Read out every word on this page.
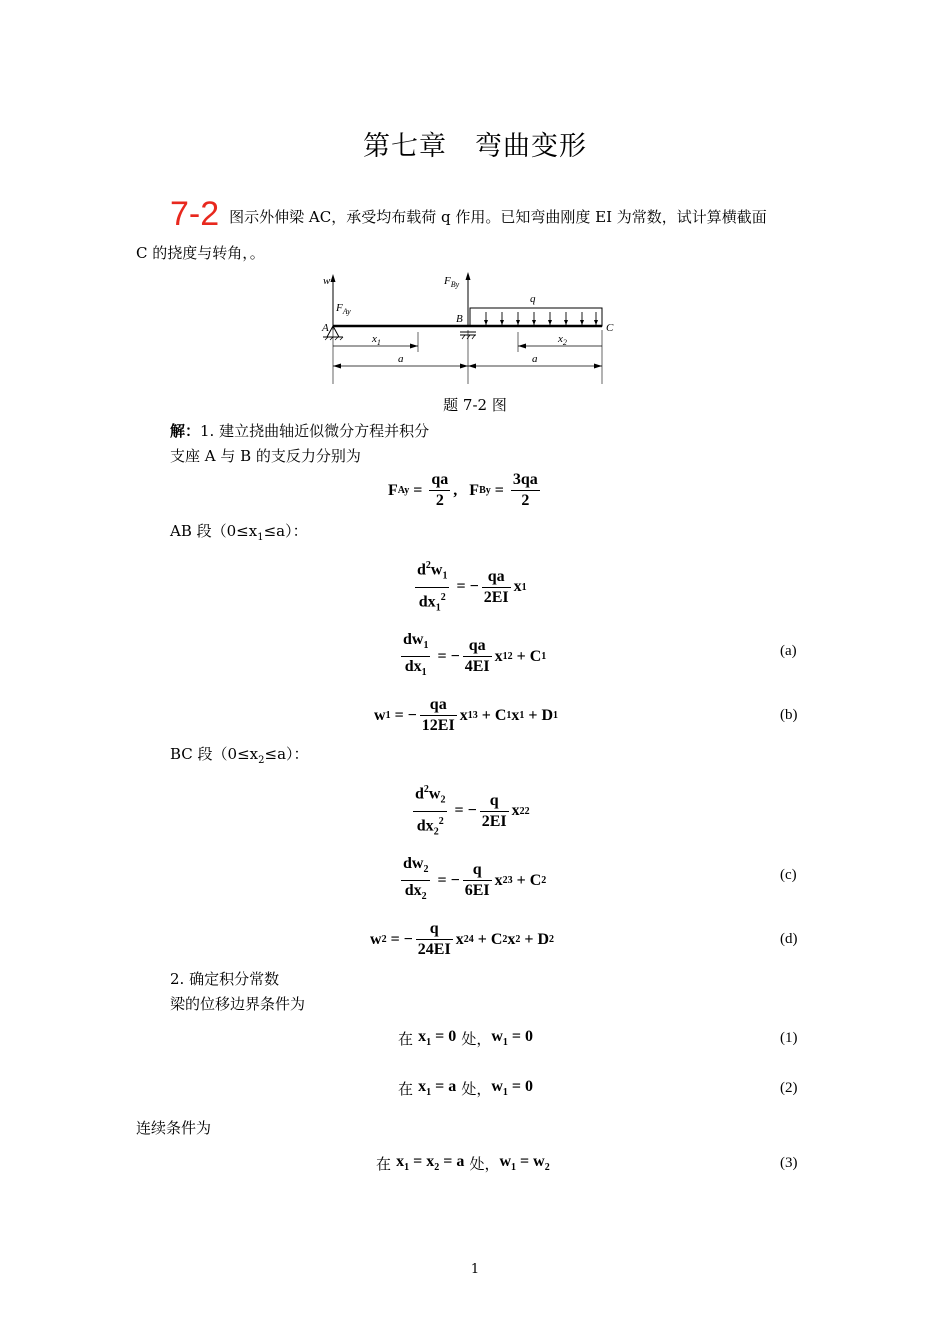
第七章　弯曲变形
7-2 图示外伸梁 AC，承受均布载荷 q 作用。已知弯曲刚度 EI 为常数，试计算横截面
C 的挠度与转角，。
w
$F_{Ay}$
A
$F_{By}$
B
q
C
$x_1$	$x_2$
a	a
题 7-2 图
解：1. 建立挠曲轴近似微分方程并积分
支座 A 与 B 的支反力分别为
F $Ay = \frac{qa}{2}$ ,   F $By = \frac{3qa}{2}$
AB 段$(0\le x_1\le a)$：
$\frac{d^2w_1}{dx_1^2}$ = − $\frac{qa}{2EI}$ x 1
$\frac{dw_1}{dx_1}$ = − $\frac{qa}{4EI}$ x 1 2 + C 1	(a)
w 1 = − $\frac{qa}{12EI}$ x 1 3 + C 1 x 1 + D 1	(b)
BC 段$(0\le x_2\le a)$：
$\frac{d^2w_2}{dx_2^2}$ = − $\frac{q}{2EI}$ x 2 2
$\frac{dw_2}{dx_2}$ = − $\frac{q}{6EI}$ x 2 3 + C 2	(c)
w 2 = − $\frac{q}{24EI}$ x 2 4 + C 2 x 2 + D 2	(d)
2. 确定积分常数
梁的位移边界条件为
在
$x_1 = 0$
处， $w_1 = 0$	(1)
在
$x_1 = a$
处， $w_1 = 0$	(2)
连续条件为
在
$x_1 = x_2 = a$
处， $w_1 = w_2$	(3)
1
